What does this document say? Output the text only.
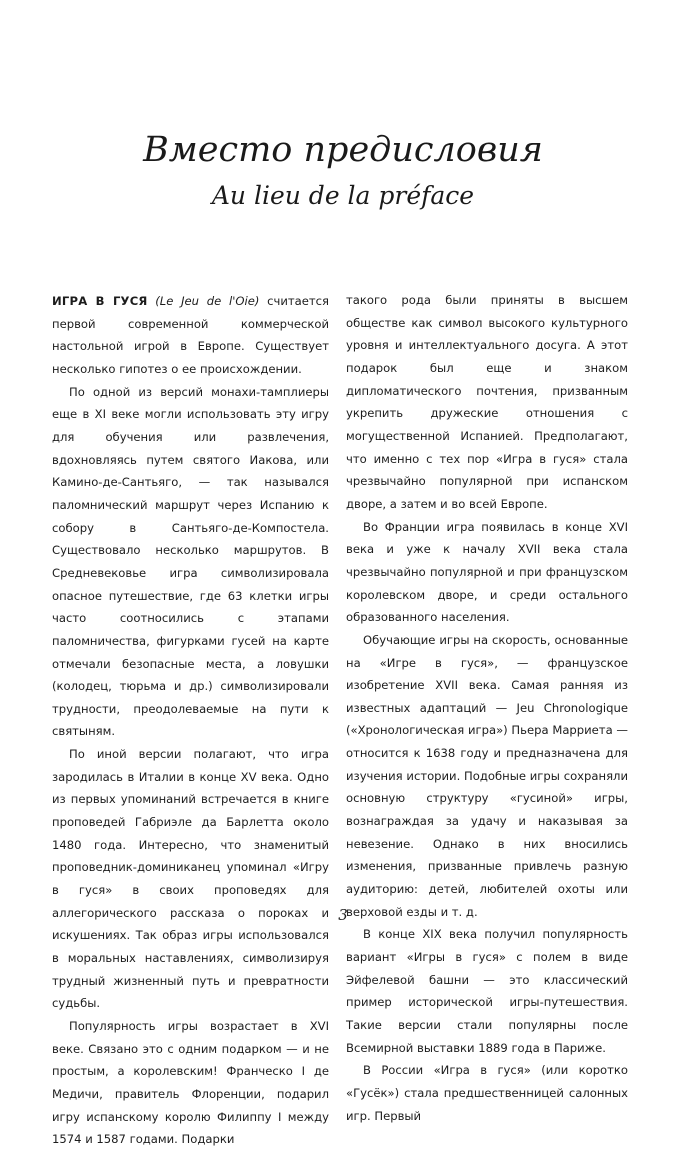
Вместо предисловия
Au lieu de la préface

ИГРА В ГУСЯ (Le Jeu de l'Oie) считается первой современной коммерческой настольной игрой в Европе. Существует несколько гипотез о ее происхождении.

По одной из версий монахи-тамплиеры еще в XI веке могли использовать эту игру для обучения или развлечения, вдохновляясь путем святого Иакова, или Камино-де-Сантьяго, — так назывался паломнический маршрут через Испанию к собору в Сантьяго-де-Компостела. Существовало несколько маршрутов. В Средневековье игра символизировала опасное путешествие, где 63 клетки игры часто соотносились с этапами паломничества, фигурками гусей на карте отмечали безопасные места, а ловушки (колодец, тюрьма и др.) символизировали трудности, преодолеваемые на пути к святыням.

По иной версии полагают, что игра зародилась в Италии в конце XV века. Одно из первых упоминаний встречается в книге проповедей Габриэле да Барлетта около 1480 года. Интересно, что знаменитый проповедник-доминиканец упоминал «Игру в гуся» в своих проповедях для аллегорического рассказа о пороках и искушениях. Так образ игры использовался в моральных наставлениях, символизируя трудный жизненный путь и превратности судьбы.

Популярность игры возрастает в XVI веке. Связано это с одним подарком — и не простым, а королевским! Франческо I де Медичи, правитель Флоренции, подарил игру испанскому королю Филиппу I между 1574 и 1587 годами. Подарки

такого рода были приняты в высшем обществе как символ высокого культурного уровня и интеллектуального досуга. А этот подарок был еще и знаком дипломатического почтения, призванным укрепить дружеские отношения с могущественной Испанией. Предполагают, что именно с тех пор «Игра в гуся» стала чрезвычайно популярной при испанском дворе, а затем и во всей Европе.

Во Франции игра появилась в конце XVI века и уже к началу XVII века стала чрезвычайно популярной и при французском королевском дворе, и среди остального образованного населения.

Обучающие игры на скорость, основанные на «Игре в гуся», — французское изобретение XVII века. Самая ранняя из известных адаптаций — Jeu Chronologique («Хронологическая игра») Пьера Марриета — относится к 1638 году и предназначена для изучения истории. Подобные игры сохраняли основную структуру «гусиной» игры, вознаграждая за удачу и наказывая за невезение. Однако в них вносились изменения, призванные привлечь разную аудиторию: детей, любителей охоты или верховой езды и т. д.

В конце XIX века получил популярность вариант «Игры в гуся» с полем в виде Эйфелевой башни — это классический пример исторической игры-путешествия. Такие версии стали популярны после Всемирной выставки 1889 года в Париже.

В России «Игра в гуся» (или коротко «Гусёк») стала предшественницей салонных игр. Первый

3
